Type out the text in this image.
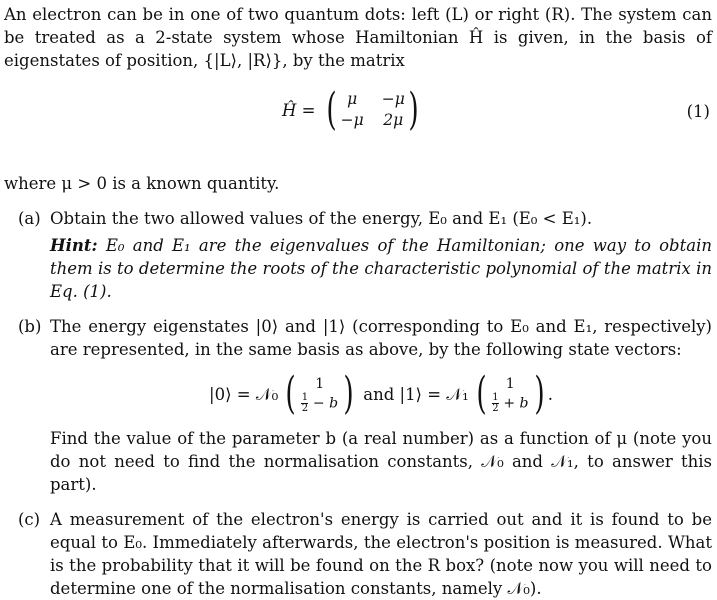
An electron can be in one of two quantum dots: left (L) or right (R). The system can be treated as a 2-state system whose Hamiltonian Ĥ is given, in the basis of eigenstates of position, {|L⟩, |R⟩}, by the matrix

Ĥ = ( μ	−μ
−μ 2μ )	(1)

where μ > 0 is a known quantity.

(a) Obtain the two allowed values of the energy, E₀ and E₁ (E₀ < E₁).
Hint: E₀ and E₁ are the eigenvalues of the Hamiltonian; one way to obtain them is to determine the roots of the characteristic polynomial of the matrix in Eq. (1).
(b) The energy eigenstates |0⟩ and |1⟩ (corresponding to E₀ and E₁, respectively) are represented, in the same basis as above, by the following state vectors:
|0⟩ = 𝒩₀ (	1
$\frac{1}{2} - b$ ) and |1⟩ = 𝒩₁ (	1
$\frac{1}{2} + b$ ) .
Find the value of the parameter b (a real number) as a function of μ (note you do not need to find the normalisation constants, 𝒩₀ and 𝒩₁, to answer this part).
(c) A measurement of the electron's energy is carried out and it is found to be equal to E₀. Immediately afterwards, the electron's position is measured. What is the probability that it will be found on the R box? (note now you will need to determine one of the normalisation constants, namely 𝒩₀).
